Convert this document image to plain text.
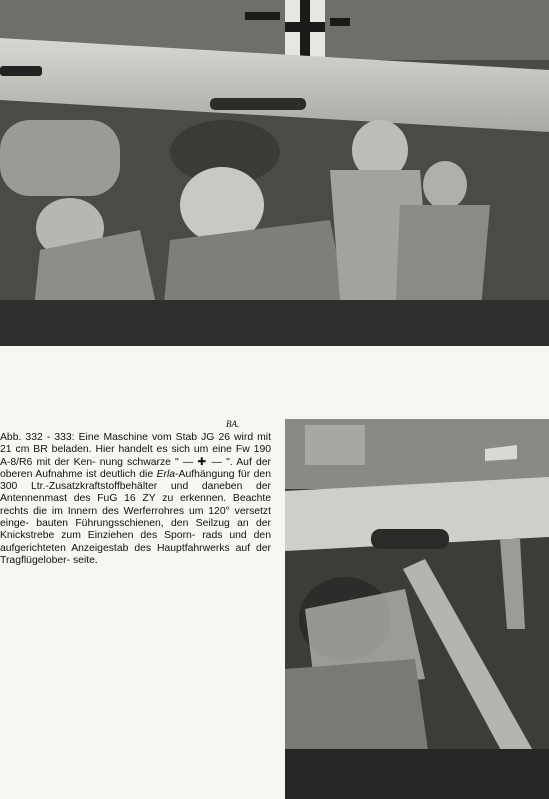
BA.

Abb. 332 - 333: Eine Maschine vom Stab JG 26 wird mit 21 cm BR beladen. Hier handelt es sich um eine Fw 190 A-8/R6 mit der Ken- nung schwarze " — ✚ — ". Auf der oberen Aufnahme ist deutlich die Erla-Aufhängung für den 300 Ltr.-Zusatzkraftstoffbehälter und daneben der Antennenmast des FuG 16 ZY zu erkennen. Beachte rechts die im Innern des Werferrohres um 120° versetzt einge- bauten Führungsschienen, den Seilzug an der Knickstrebe zum Einziehen des Sporn- rads und den aufgerichteten Anzeigestab des Hauptfahrwerks auf der Tragflügelober- seite.
